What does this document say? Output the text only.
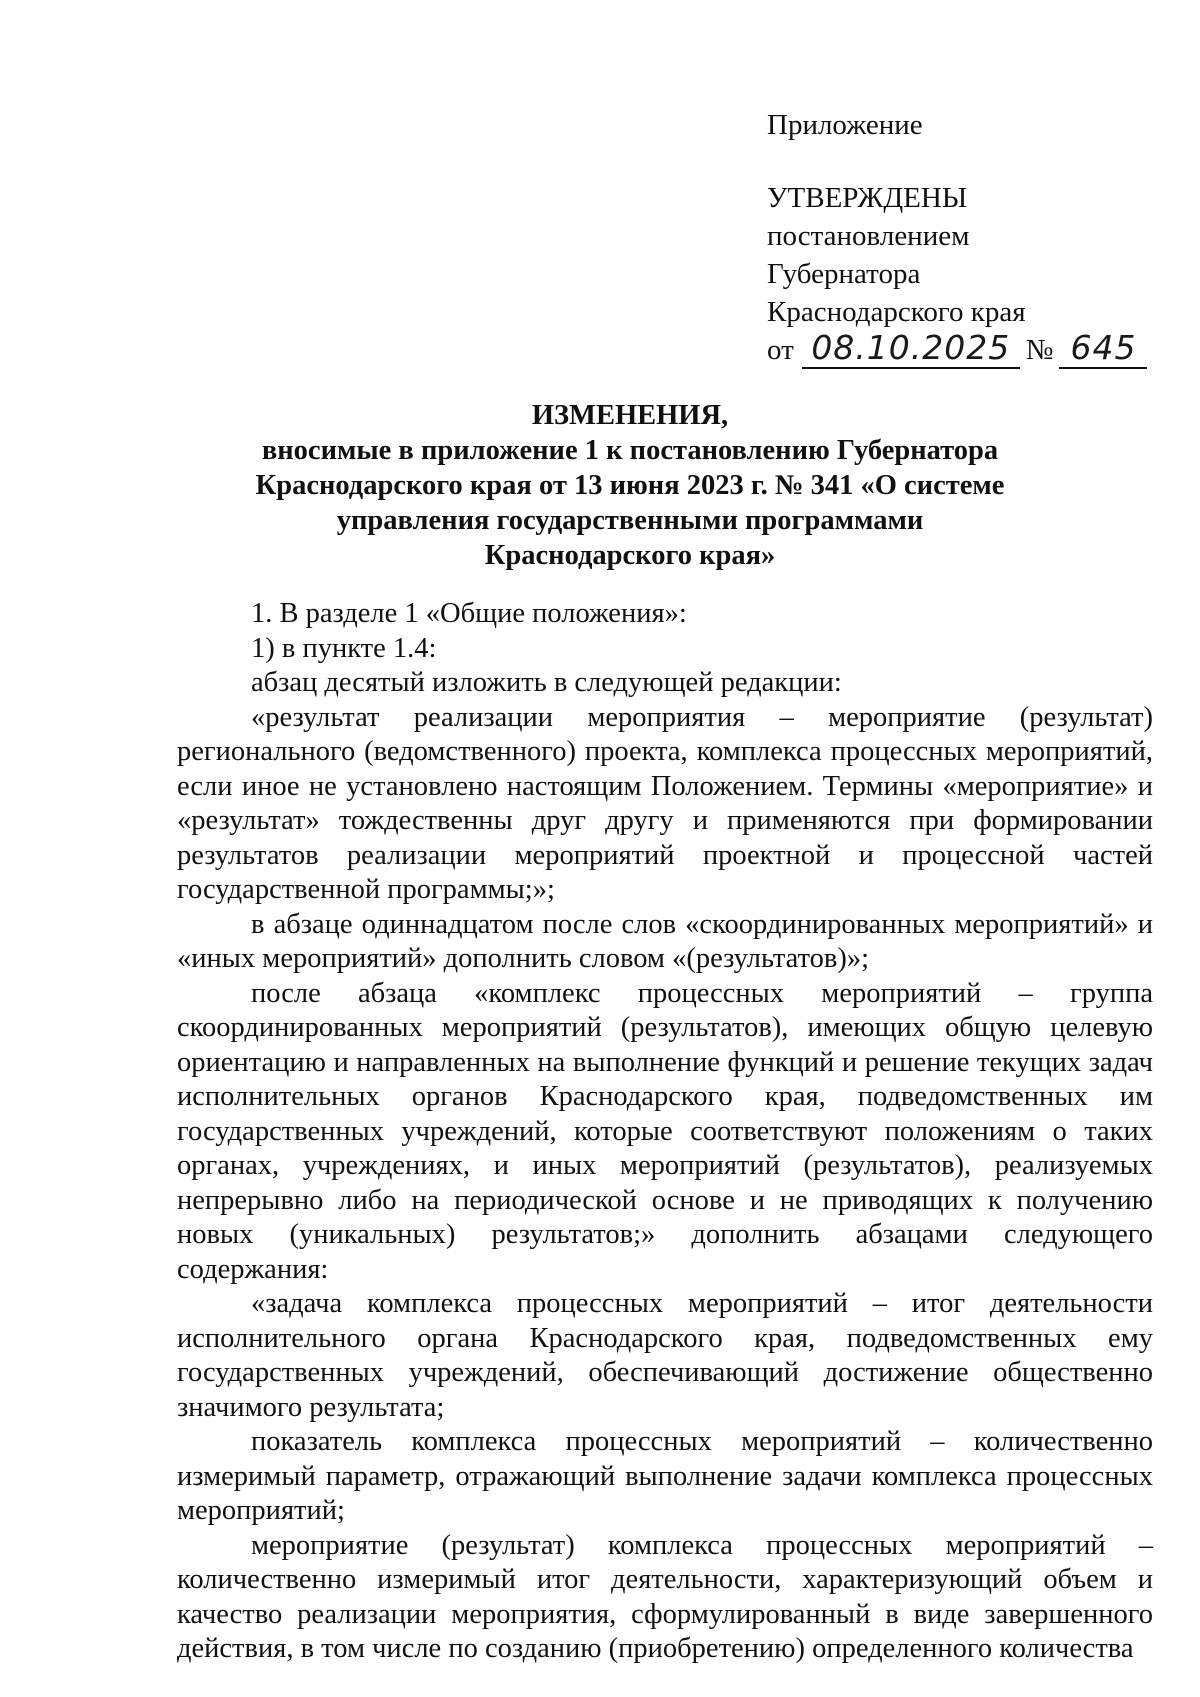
Приложение
УТВЕРЖДЕНЫ
постановлением
Губернатора
Краснодарского края
от 08.10.2025 № 645
ИЗМЕНЕНИЯ,
вносимые в приложение 1 к постановлению Губернатора
Краснодарского края от 13 июня 2023 г. № 341 «О системе
управления государственными программами
Краснодарского края»

1. В разделе 1 «Общие положения»:

1) в пункте 1.4:

абзац десятый изложить в следующей редакции:

«результат реализации мероприятия – мероприятие (результат) регионального (ведомственного) проекта, комплекса процессных мероприятий, если иное не установлено настоящим Положением. Термины «мероприятие» и «результат» тождественны друг другу и применяются при формировании результатов реализации мероприятий проектной и процессной частей государственной программы;»;

в абзаце одиннадцатом после слов «скоординированных мероприятий» и «иных мероприятий» дополнить словом «(результатов)»;

после абзаца «комплекс процессных мероприятий – группа скоординированных мероприятий (результатов), имеющих общую целевую ориентацию и направленных на выполнение функций и решение текущих задач исполнительных органов Краснодарского края, подведомственных им государственных учреждений, которые соответствуют положениям о таких органах, учреждениях, и иных мероприятий (результатов), реализуемых непрерывно либо на периодической основе и не приводящих к получению новых (уникальных) результатов;» дополнить абзацами следующего содержания:

«задача комплекса процессных мероприятий – итог деятельности исполнительного органа Краснодарского края, подведомственных ему государственных учреждений, обеспечивающий достижение общественно значимого результата;

показатель комплекса процессных мероприятий – количественно измеримый параметр, отражающий выполнение задачи комплекса процессных мероприятий;

мероприятие (результат) комплекса процессных мероприятий – количественно измеримый итог деятельности, характеризующий объем и качество реализации мероприятия, сформулированный в виде завершенного действия, в том числе по созданию (приобретению) определенного количества
